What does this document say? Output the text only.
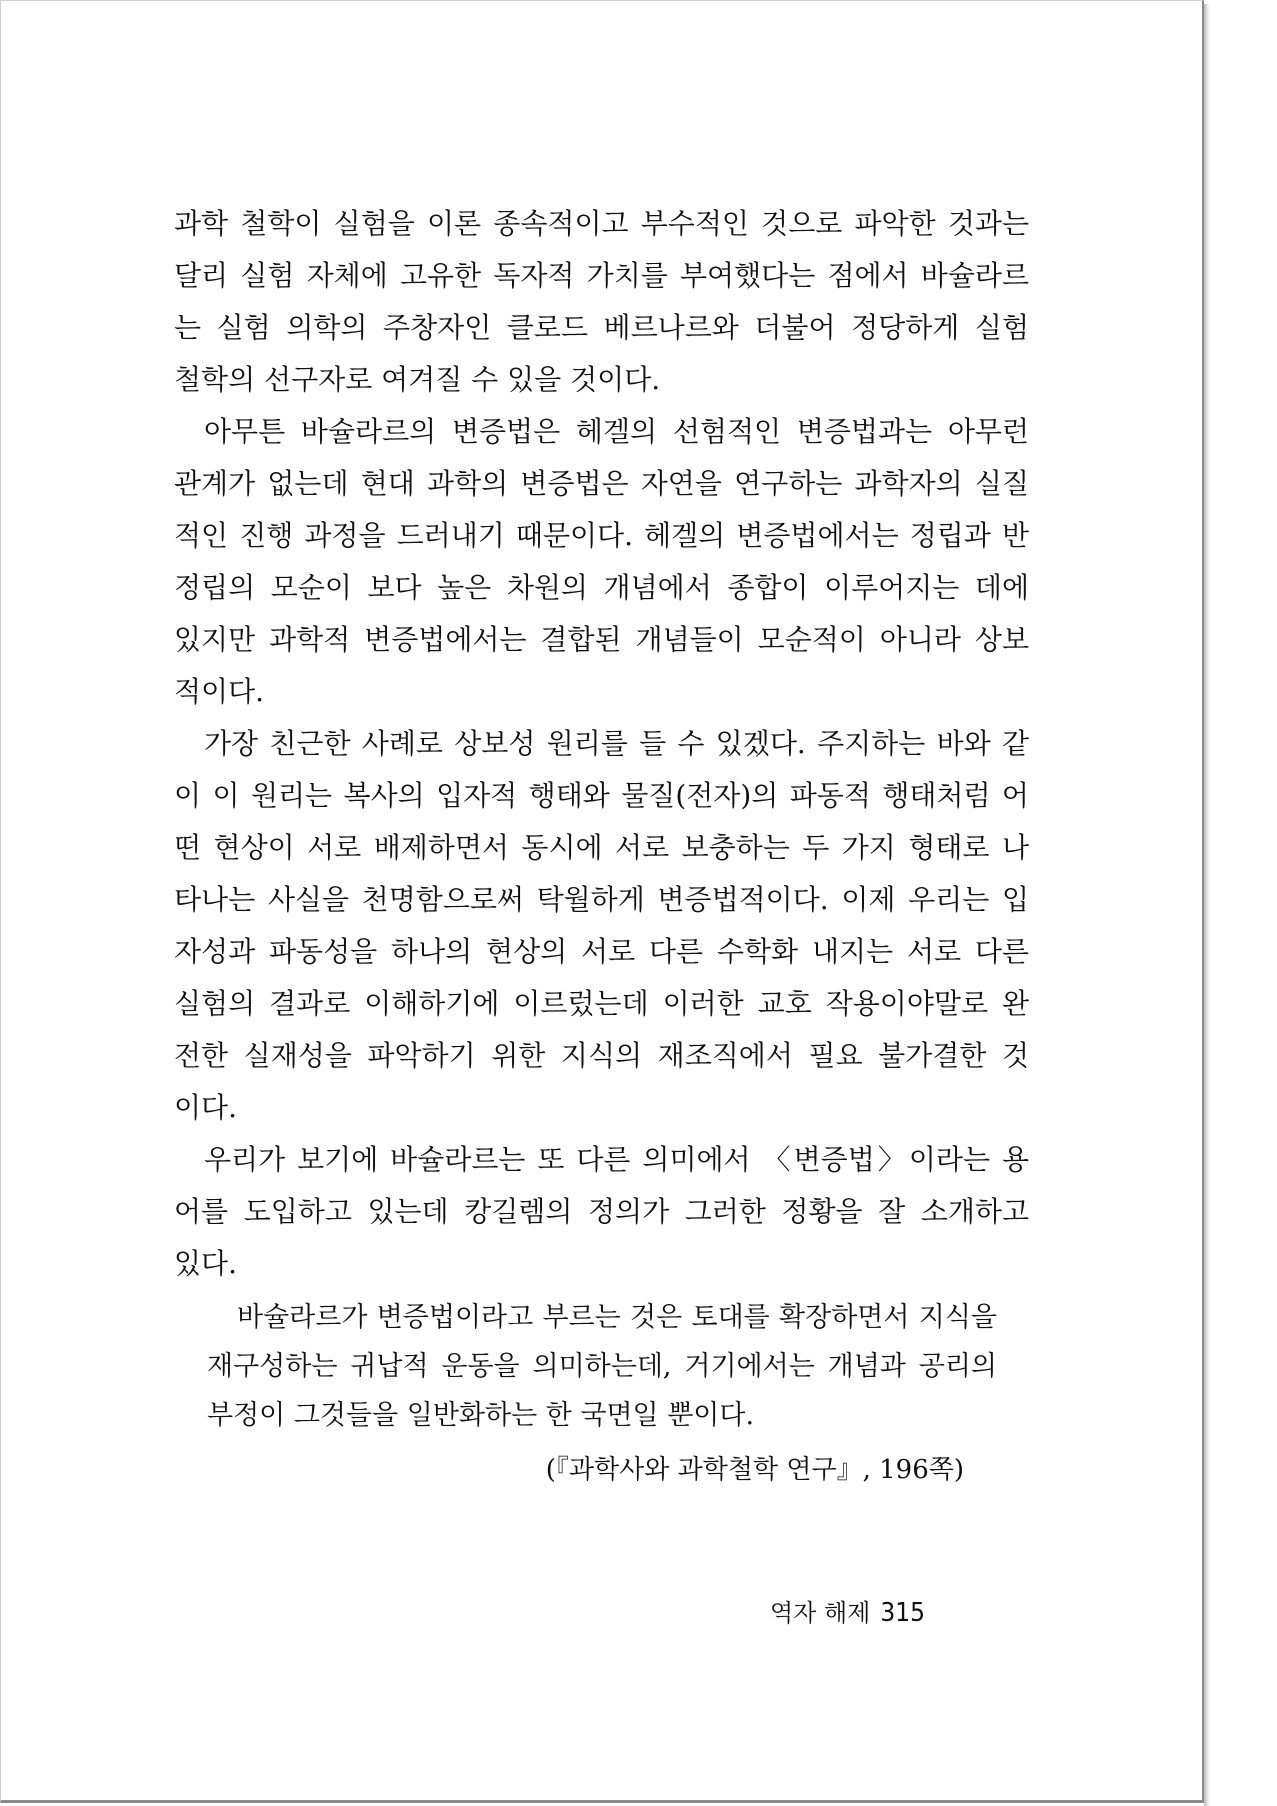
과학 철학이 실험을 이론 종속적이고 부수적인 것으로 파악한 것과는
달리 실험 자체에 고유한 독자적 가치를 부여했다는 점에서 바슐라르
는 실험 의학의 주창자인 클로드 베르나르와 더불어 정당하게 실험
철학의 선구자로 여겨질 수 있을 것이다.
아무튼 바슐라르의 변증법은 헤겔의 선험적인 변증법과는 아무런
관계가 없는데 현대 과학의 변증법은 자연을 연구하는 과학자의 실질
적인 진행 과정을 드러내기 때문이다. 헤겔의 변증법에서는 정립과 반
정립의 모순이 보다 높은 차원의 개념에서 종합이 이루어지는 데에
있지만 과학적 변증법에서는 결합된 개념들이 모순적이 아니라 상보
적이다.
가장 친근한 사례로 상보성 원리를 들 수 있겠다. 주지하는 바와 같
이 이 원리는 복사의 입자적 행태와 물질(전자)의 파동적 행태처럼 어
떤 현상이 서로 배제하면서 동시에 서로 보충하는 두 가지 형태로 나
타나는 사실을 천명함으로써 탁월하게 변증법적이다. 이제 우리는 입
자성과 파동성을 하나의 현상의 서로 다른 수학화 내지는 서로 다른
실험의 결과로 이해하기에 이르렀는데 이러한 교호 작용이야말로 완
전한 실재성을 파악하기 위한 지식의 재조직에서 필요 불가결한 것
이다.
우리가 보기에 바슐라르는 또 다른 의미에서 〈변증법〉이라는 용
어를 도입하고 있는데 캉길렘의 정의가 그러한 정황을 잘 소개하고
있다.
바슐라르가 변증법이라고 부르는 것은 토대를 확장하면서 지식을
재구성하는 귀납적 운동을 의미하는데, 거기에서는 개념과 공리의
부정이 그것들을 일반화하는 한 국면일 뿐이다.
(『과학사와 과학철학 연구』, 196쪽)
역자 해제 315
